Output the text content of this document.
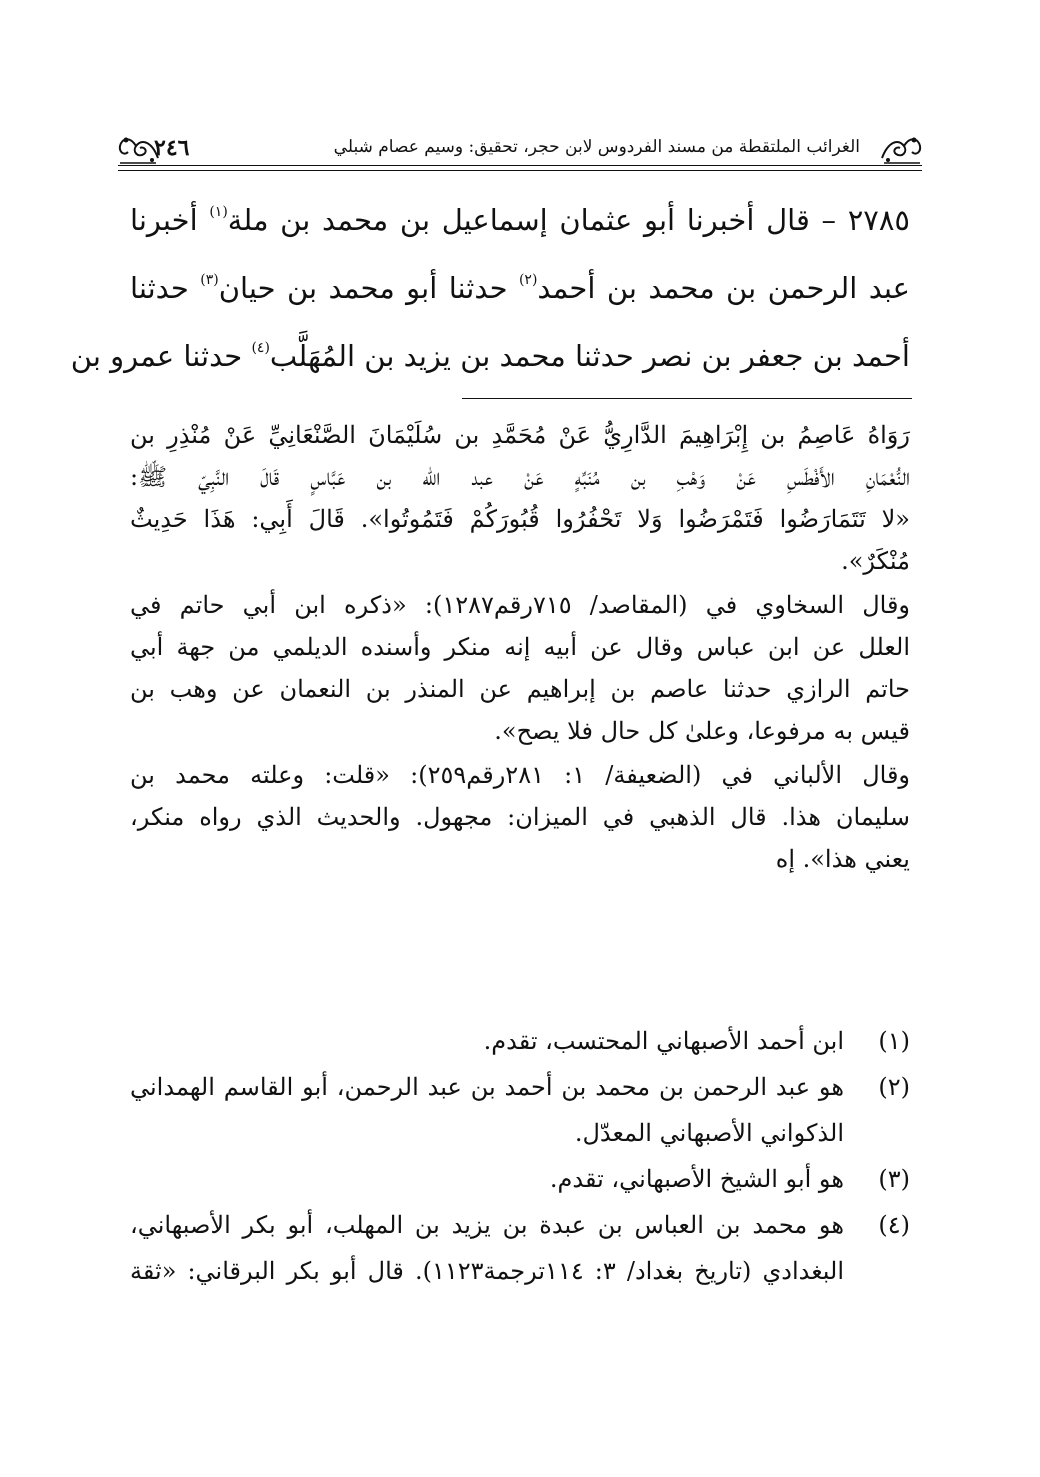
الغرائب الملتقطة من مسند الفردوس لابن حجر، تحقيق: وسيم عصام شبلي
٢٤٦
٢٧٨٥ – قال أخبرنا أبو عثمان إسماعيل بن محمد بن ملة$^{(١)}$ أخبرنا
عبد الرحمن بن محمد بن أحمد$^{(٢)}$ حدثنا أبو محمد بن حيان$^{(٣)}$ حدثنا
أحمد بن جعفر بن نصر حدثنا محمد بن يزيد بن المُهَلَّب$^{(٤)}$ حدثنا عمرو بن
رَوَاهُ عَاصِمُ بن إِبْرَاهِيمَ الدَّارِيُّ عَنْ مُحَمَّدِ بن سُلَيْمَانَ الصَّنْعَانِيِّ عَنْ مُنْذِرِ بن
النُّعْمَانِ الأَفْطَسِ عَنْ وَهْبِ بن مُنَبِّهٍ عَنْ عبد الله بن عَبَّاسٍ قَالَ النَّبِيّ ﷺ:
«لا تَتَمَارَضُوا فَتَمْرَضُوا وَلا تَحْفُرُوا قُبُورَكُمْ فَتَمُوتُوا». قَالَ أَبِي: هَذَا حَدِيثٌ
مُنْكَرٌ».
وقال السخاوي في (المقاصد/ ٧١٥رقم١٢٨٧): «ذكره ابن أبي حاتم في
العلل عن ابن عباس وقال عن أبيه إنه منكر وأسنده الديلمي من جهة أبي
حاتم الرازي حدثنا عاصم بن إبراهيم عن المنذر بن النعمان عن وهب بن
قيس به مرفوعا، وعلىٰ كل حال فلا يصح».
وقال الألباني في (الضعيفة/ ١: ٢٨١رقم٢٥٩): «قلت: وعلته محمد بن
سليمان هذا. قال الذهبي في الميزان: مجهول. والحديث الذي رواه منكر،
يعني هذا». إه
(١)
ابن أحمد الأصبهاني المحتسب، تقدم.
(٢)
هو عبد الرحمن بن محمد بن أحمد بن عبد الرحمن، أبو القاسم الهمداني
الذكواني الأصبهاني المعدّل.
(٣)
هو أبو الشيخ الأصبهاني، تقدم.
(٤)
هو محمد بن العباس بن عبدة بن يزيد بن المهلب، أبو بكر الأصبهاني،
البغدادي (تاريخ بغداد/ ٣: ١١٤ترجمة١١٢٣). قال أبو بكر البرقاني: «ثقة
